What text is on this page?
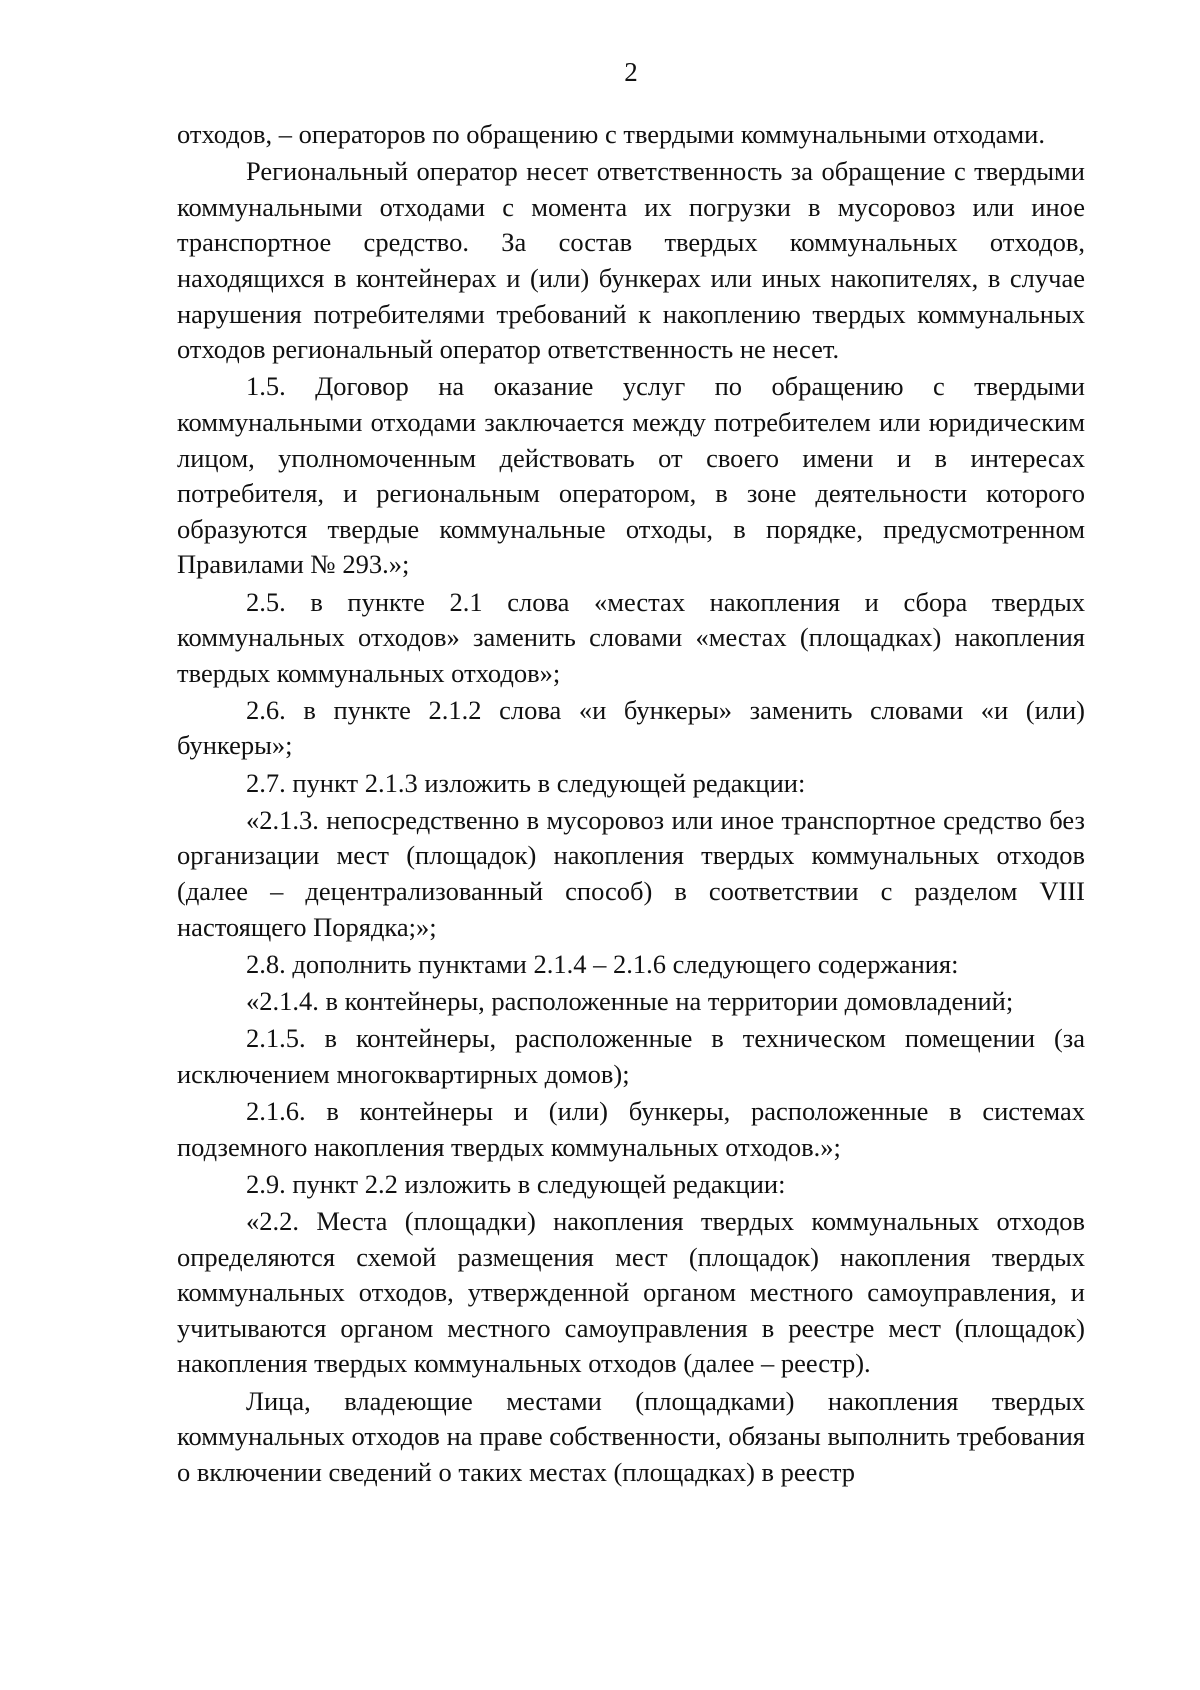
2

отходов, – операторов по обращению с твердыми коммунальными отходами.

Региональный оператор несет ответственность за обращение с твердыми коммунальными отходами с момента их погрузки в мусоровоз или иное транспортное средство. За состав твердых коммунальных отходов, находящихся в контейнерах и (или) бункерах или иных накопителях, в случае нарушения потребителями требований к накоплению твердых коммунальных отходов региональный оператор ответственность не несет.

1.5. Договор на оказание услуг по обращению с твердыми коммунальными отходами заключается между потребителем или юридическим лицом, уполномоченным действовать от своего имени и в интересах потребителя, и региональным оператором, в зоне деятельности которого образуются твердые коммунальные отходы, в порядке, предусмотренном Правилами № 293.»;

2.5. в пункте 2.1 слова «местах накопления и сбора твердых коммунальных отходов» заменить словами «местах (площадках) накопления твердых коммунальных отходов»;

2.6. в пункте 2.1.2 слова «и бункеры» заменить словами «и (или) бункеры»;

2.7. пункт 2.1.3 изложить в следующей редакции:

«2.1.3. непосредственно в мусоровоз или иное транспортное средство без организации мест (площадок) накопления твердых коммунальных отходов (далее – децентрализованный способ) в соответствии с разделом VIII настоящего Порядка;»;

2.8. дополнить пунктами 2.1.4 – 2.1.6 следующего содержания:

«2.1.4. в контейнеры, расположенные на территории домовладений;

2.1.5. в контейнеры, расположенные в техническом помещении (за исключением многоквартирных домов);

2.1.6. в контейнеры и (или) бункеры, расположенные в системах подземного накопления твердых коммунальных отходов.»;

2.9. пункт 2.2 изложить в следующей редакции:

«2.2. Места (площадки) накопления твердых коммунальных отходов определяются схемой размещения мест (площадок) накопления твердых коммунальных отходов, утвержденной органом местного самоуправления, и учитываются органом местного самоуправления в реестре мест (площадок) накопления твердых коммунальных отходов (далее – реестр).

Лица, владеющие местами (площадками) накопления твердых коммунальных отходов на праве собственности, обязаны выполнить требования о включении сведений о таких местах (площадках) в реестр
